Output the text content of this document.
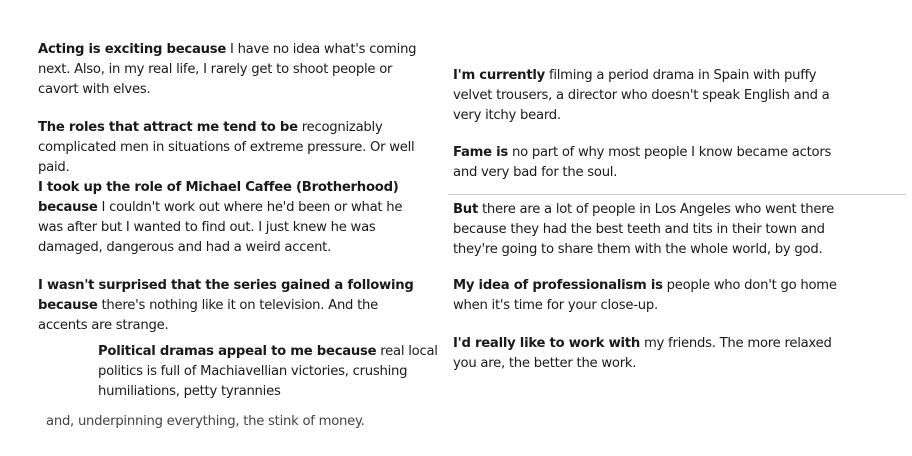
Acting is exciting because I have no idea what's coming next. Also, in my real life, I rarely get to shoot people or cavort with elves.

The roles that attract me tend to be recognizably complicated men in situations of extreme pressure. Or well paid.

I took up the role of Michael Caffee (Brotherhood) because I couldn't work out where he'd been or what he was after but I wanted to find out. I just knew he was damaged, dangerous and had a weird accent.

I wasn't surprised that the series gained a following because there's nothing like it on television. And the accents are strange.

Political dramas appeal to me because real local politics is full of Machiavellian victories, crushing humiliations, petty tyrannies

and, underpinning everything, the stink of money.

I'm currently filming a period drama in Spain with puffy velvet trousers, a director who doesn't speak English and a very itchy beard.

Fame is no part of why most people I know became actors and very bad for the soul.

But there are a lot of people in Los Angeles who went there because they had the best teeth and tits in their town and they're going to share them with the whole world, by god.

My idea of professionalism is people who don't go home when it's time for your close-up.

I'd really like to work with my friends. The more relaxed you are, the better the work.
